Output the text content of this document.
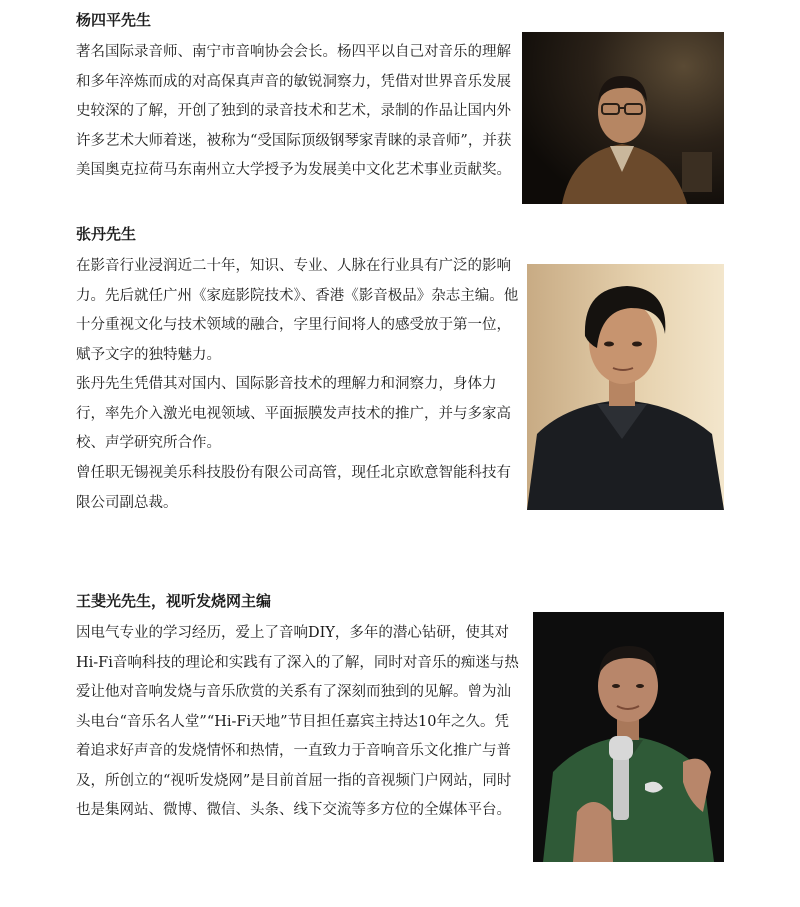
杨四平先生

著名国际录音师、南宁市音响协会会长。杨四平以自己对音乐的理解和多年淬炼而成的对高保真声音的敏锐洞察力，凭借对世界音乐发展史较深的了解，开创了独到的录音技术和艺术，录制的作品让国内外许多艺术大师着迷，被称为“受国际顶级钢琴家青睐的录音师”，并获美国奥克拉荷马东南州立大学授予为发展美中文化艺术事业贡献奖。

张丹先生

在影音行业浸润近二十年，知识、专业、人脉在行业具有广泛的影响力。先后就任广州《家庭影院技术》、香港《影音极品》杂志主编。他十分重视文化与技术领域的融合，字里行间将人的感受放于第一位，赋予文字的独特魅力。

张丹先生凭借其对国内、国际影音技术的理解力和洞察力，身体力行，率先介入激光电视领域、平面振膜发声技术的推广，并与多家高校、声学研究所合作。

曾任职无锡视美乐科技股份有限公司高管，现任北京欧意智能科技有限公司副总裁。

王斐光先生，视听发烧网主编

因电气专业的学习经历，爱上了音响DIY，多年的潜心钻研，使其对Hi-Fi音响科技的理论和实践有了深入的了解，同时对音乐的痴迷与热爱让他对音响发烧与音乐欣赏的关系有了深刻而独到的见解。曾为汕头电台“音乐名人堂”“Hi-Fi天地”节目担任嘉宾主持达10年之久。凭着追求好声音的发烧情怀和热情，一直致力于音响音乐文化推广与普及，所创立的“视听发烧网”是目前首屈一指的音视频门户网站，同时也是集网站、微博、微信、头条、线下交流等多方位的全媒体平台。
